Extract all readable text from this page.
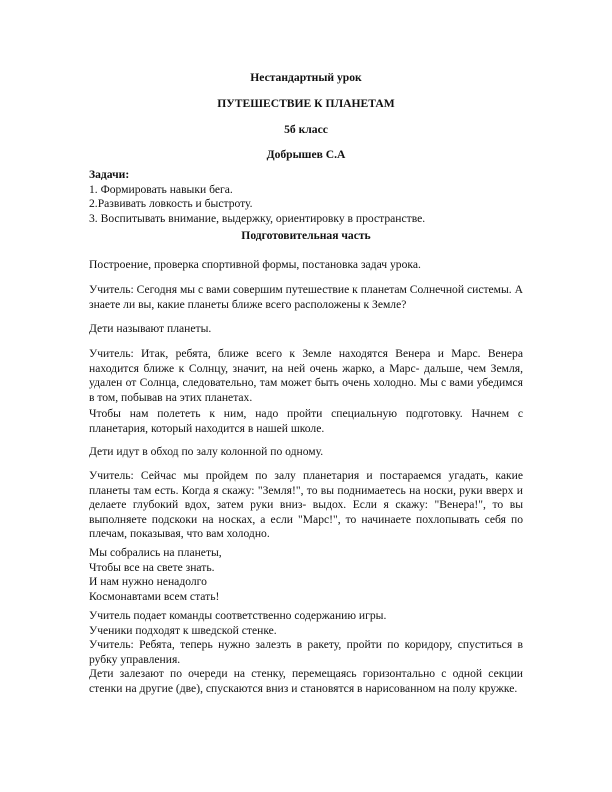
Нестандартный урок
ПУТЕШЕСТВИЕ К ПЛАНЕТАМ
5б класс
Добрышев С.А
Задачи:
1. Формировать навыки бега.
2.Развивать ловкость и быстроту.
3. Воспитывать внимание, выдержку, ориентировку в пространстве.
Подготовительная часть
Построение, проверка спортивной формы, постановка задач урока.
Учитель: Сегодня мы с вами совершим путешествие к планетам Солнечной системы. А знаете ли вы, какие планеты ближе всего расположены к Земле?
Дети называют планеты.
Учитель: Итак, ребята, ближе всего к Земле находятся Венера и Марс. Венера находится ближе к Солнцу, значит, на ней очень жарко, а Марс- дальше, чем Земля, удален от Солнца, следовательно, там может быть очень холодно. Мы с вами убедимся в том, побывав на этих планетах.
Чтобы нам полететь к ним, надо пройти специальную подготовку. Начнем с планетария, который находится в нашей школе.
Дети идут в обход по залу колонной по одному.
Учитель: Сейчас мы пройдем по залу планетария и постараемся угадать, какие планеты там есть. Когда я скажу: "Земля!", то вы поднимаетесь на носки, руки вверх и делаете глубокий вдох, затем руки вниз- выдох. Если я скажу: "Венера!", то вы выполняете подскоки на носках, а если "Марс!", то начинаете похлопывать себя по плечам, показывая, что вам холодно.
Мы собрались на планеты,
Чтобы все на свете знать.
И нам нужно ненадолго
Космонавтами всем стать!
Учитель подает команды соответственно содержанию игры.
Ученики подходят к шведской стенке.
Учитель: Ребята, теперь нужно залезть в ракету, пройти по коридору, спуститься в рубку управления.
Дети залезают по очереди на стенку, перемещаясь горизонтально с одной секции стенки на другие (две), спускаются вниз и становятся в нарисованном на полу кружке.
